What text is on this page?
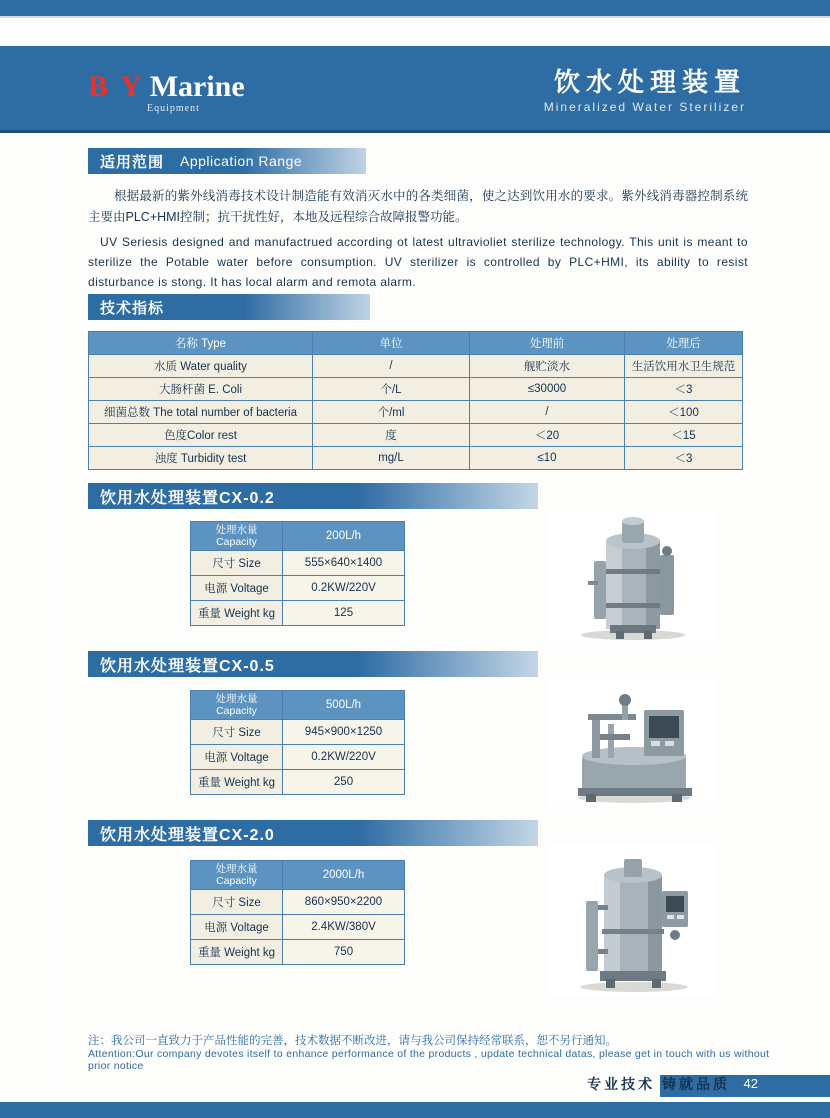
B Y Marine
Equipment
饮水处理装置
Mineralized Water Sterilizer
适用范围	Application Range
根据最新的紫外线消毒技术设计制造能有效消灭水中的各类细菌，使之达到饮用水的要求。紫外线消毒器控制系统主要由PLC+HMI控制；抗干扰性好，本地及远程综合故障报警功能。
UV Seriesis designed and manufactrued according ot latest ultravioliet sterilize technology. This unit is meant to sterilize the Potable water before consumption. UV sterilizer is controlled by PLC+HMI, its ability to resist disturbance is stong. It has local alarm and remota alarm.
技术指标
名称 Type	单位	处理前	处理后
水质 Water quality	/	舰贮淡水	生活饮用水卫生规范
大肠杆菌 E. Coli	个/L	≤30000	＜3
细菌总数 The total number of bacteria	个/ml	/	＜100
色度Color rest	度	＜20	＜15
浊度 Turbidity test	mg/L	≤10	＜3
饮用水处理装置CX-0.2
处理水量
Capacity	200L/h
尺寸 Size	555×640×1400
电源 Voltage	0.2KW/220V
重量 Weight kg	125
饮用水处理装置CX-0.5
处理水量
Capacity	500L/h
尺寸 Size	945×900×1250
电源 Voltage	0.2KW/220V
重量 Weight kg	250
饮用水处理装置CX-2.0
处理水量
Capacity	2000L/h
尺寸 Size	860×950×2200
电源 Voltage	2.4KW/380V
重量 Weight kg	750
注：我公司一直致力于产品性能的完善，技术数据不断改进，请与我公司保持经常联系，恕不另行通知。
Attention:Our company devotes itself to enhance performance of the products , update technical datas, please get in touch with us without prior notice
专业技术 铸就品质 42
